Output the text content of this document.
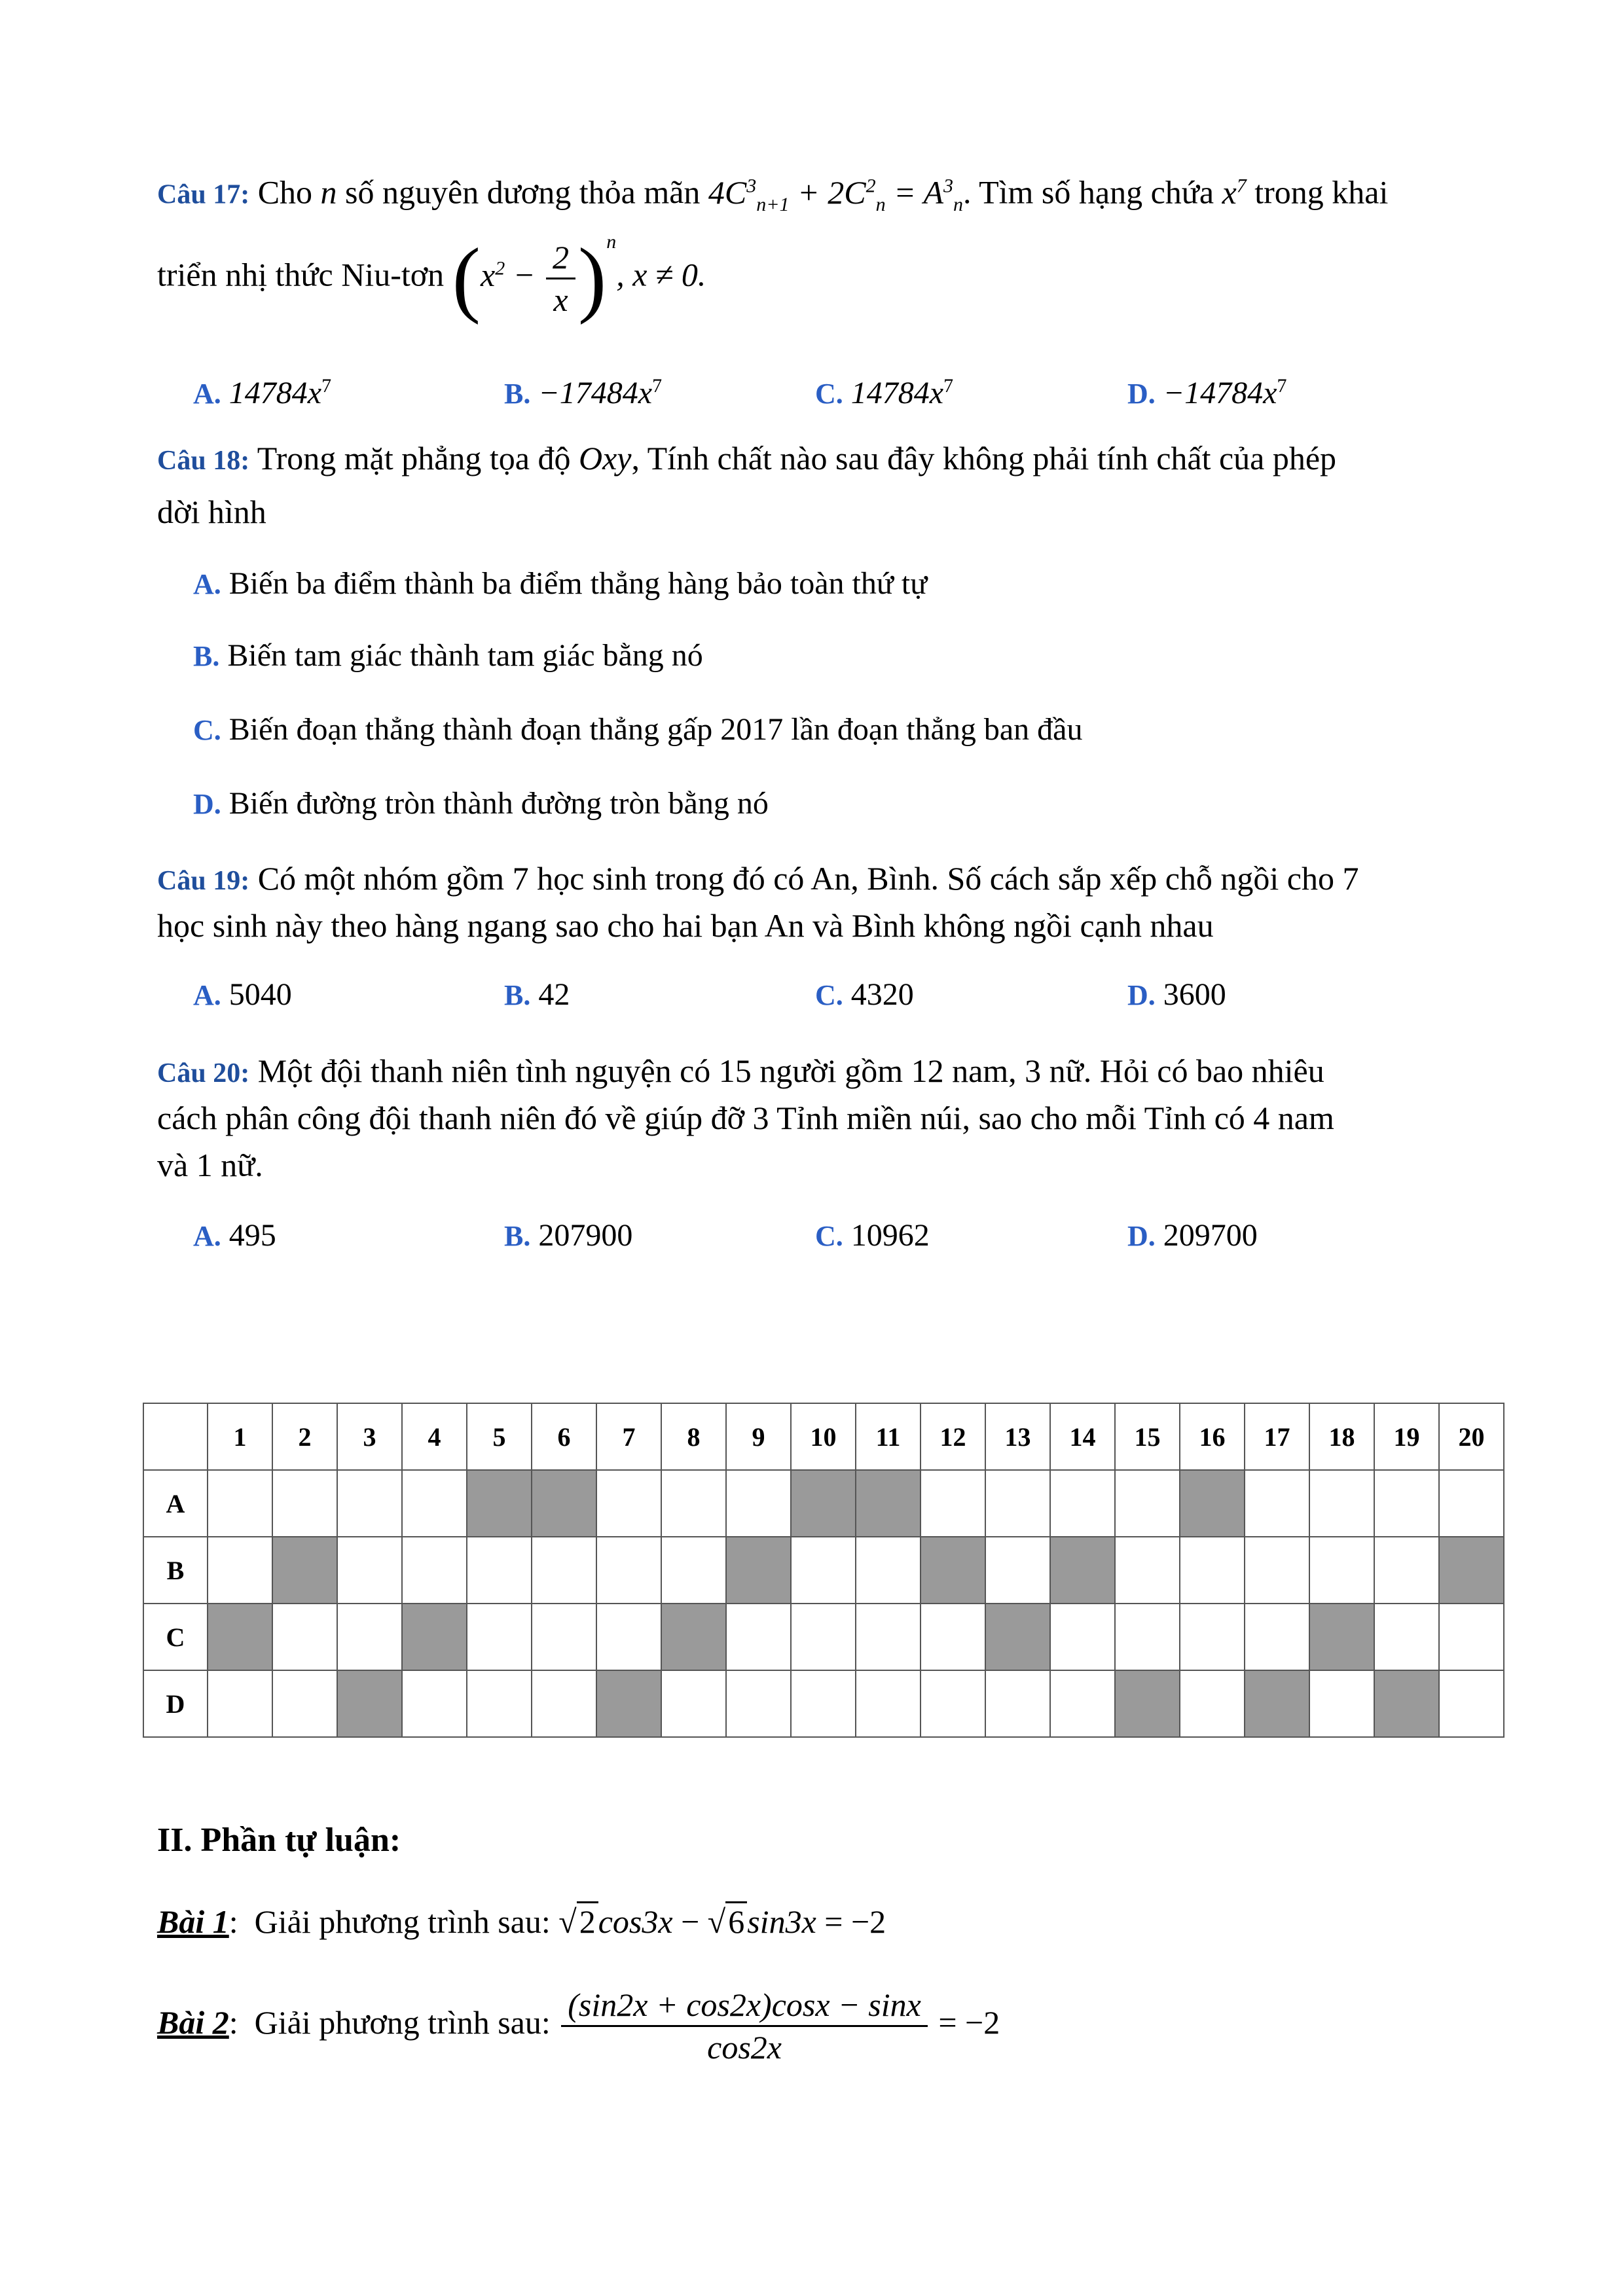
Câu 17: Cho n số nguyên dương thỏa mãn $4C^3_{n+1} + 2C^2_n = A^3_n$. Tìm số hạng chứa $x^7$ trong khai
triển nhị thức Niu-tơn $(x^2 - \frac{2}{x} )^n$, x ≠ 0.
A. $14784x^7$	B. $-17484x^7$	C. $14784x^7$	D. $-14784x^7$
Câu 18: Trong mặt phẳng tọa độ Oxy, Tính chất nào sau đây không phải tính chất của phép
dời hình
A. Biến ba điểm thành ba điểm thẳng hàng bảo toàn thứ tự
B. Biến tam giác thành tam giác bằng nó
C. Biến đoạn thẳng thành đoạn thẳng gấp 2017 lần đoạn thẳng ban đầu
D. Biến đường tròn thành đường tròn bằng nó
Câu 19: Có một nhóm gồm 7 học sinh trong đó có An, Bình. Số cách sắp xếp chỗ ngồi cho 7
học sinh này theo hàng ngang sao cho hai bạn An và Bình không ngồi cạnh nhau
A. 5040	B. 42	C. 4320	D. 3600
Câu 20: Một đội thanh niên tình nguyện có 15 người gồm 12 nam, 3 nữ. Hỏi có bao nhiêu
cách phân công đội thanh niên đó về giúp đỡ 3 Tỉnh miền núi, sao cho mỗi Tỉnh có 4 nam
và 1 nữ.
A. 495	B. 207900	C. 10962	D. 209700
	1	2	3	4	5	6	7	8	9	10	11	12	13	14	15	16	17	18	19	20
A																				
B																				
C																				
D																				
II. Phần tự luận:
Bài 1: Giải phương trình sau: √2cos3x − √6sin3x = −2
Bài 2: Giải phương trình sau: $\frac{(\sin 2x + \cos 2x)\cos x - \sin x}{\cos 2x} = -2$
